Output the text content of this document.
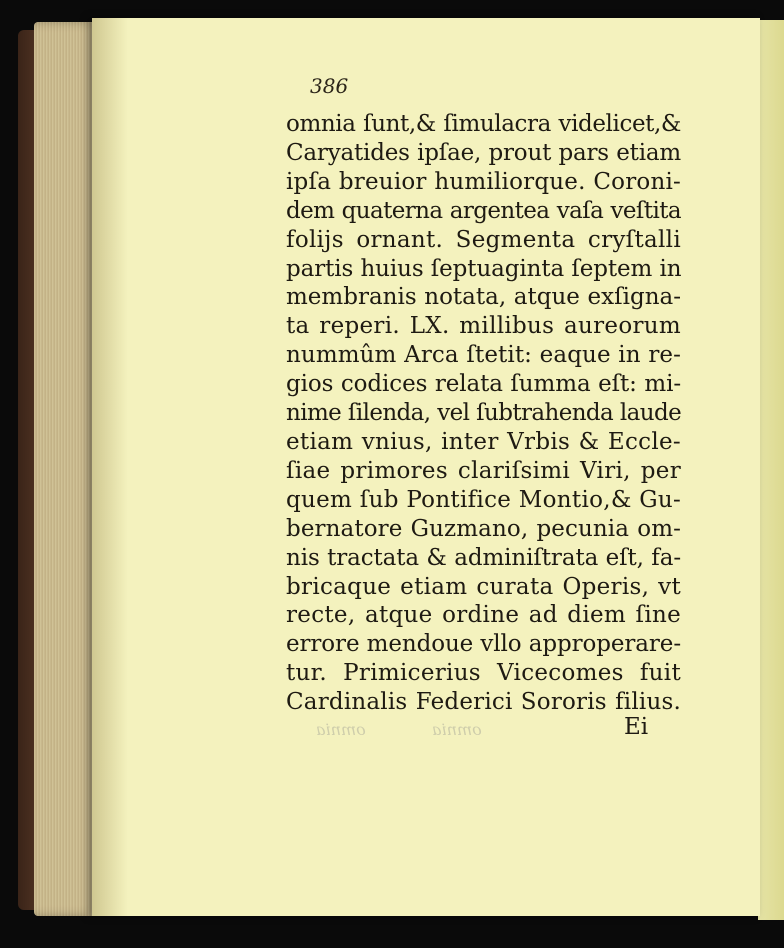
386
omnia ſunt,& ſimulacra videlicet,&
Caryatides ipſae, prout pars etiam
ipſa breuior humiliorque. Coroni-
dem quaterna argentea vaſa veſtita
folijs ornant. Segmenta cryſtalli
partis huius ſeptuaginta ſeptem in
membranis notata, atque exſigna-
ta reperi. LX. millibus aureorum
nummûm Arca ſtetit: eaque in re-
gios codices relata ſumma eſt: mi-
nime ſilenda, vel ſubtrahenda laude
etiam vnius, inter Vrbis & Eccle-
ſiae primores clariſsimi Viri, per
quem ſub Pontifice Montio,& Gu-
bernatore Guzmano, pecunia om-
nis tractata & adminiſtrata eſt, fa-
bricaque etiam curata Operis, vt
recte, atque ordine ad diem ſine
errore mendoue vllo approperare-
tur. Primicerius Vicecomes fuit
Cardinalis Federici Sororis filius.
Ei
omnia	omnia
